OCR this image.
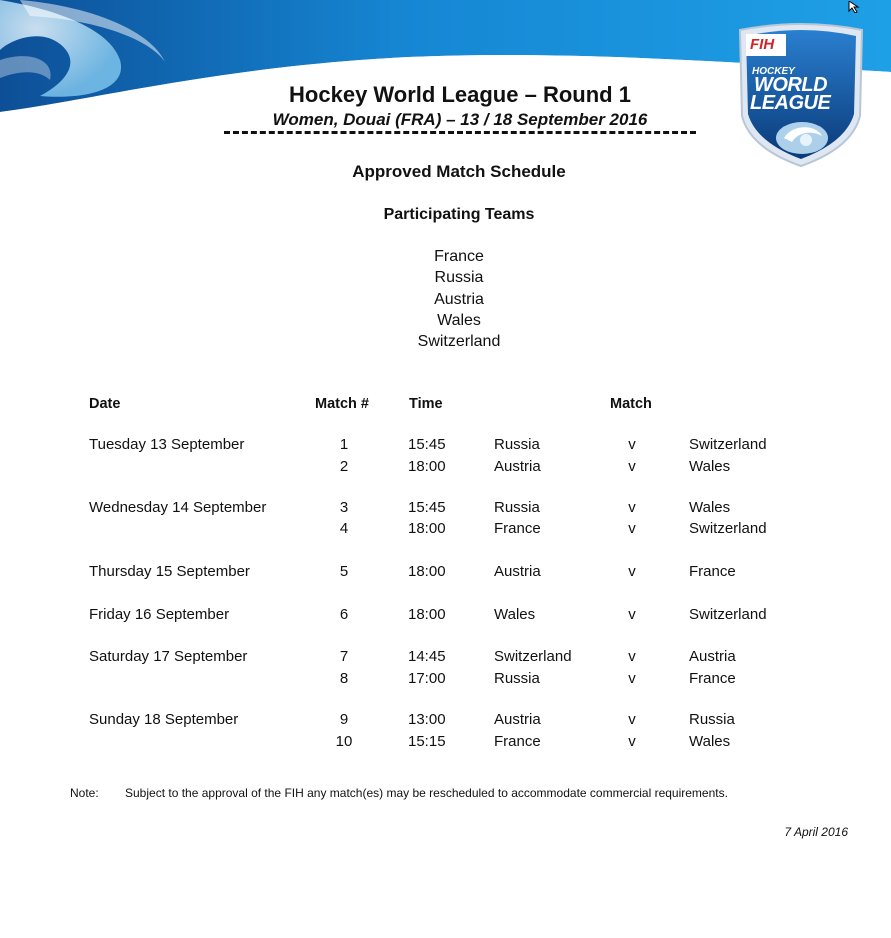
FIH
HOCKEY
WORLD
LEAGUE
Hockey World League – Round 1
Women, Douai (FRA) – 13 / 18 September 2016
Approved Match Schedule
Participating Teams
France
Russia
Austria
Wales
Switzerland
Date	Match #	Time	Match
Tuesday 13 September	1	15:45	Russia	v	Switzerland
2	18:00	Austria	v	Wales
Wednesday 14 September	3	15:45	Russia	v	Wales
4	18:00	France	v	Switzerland
Thursday 15 September	5	18:00	Austria	v	France
Friday 16 September	6	18:00	Wales	v	Switzerland
Saturday 17 September	7	14:45	Switzerland	v	Austria
8	17:00	Russia	v	France
Sunday 18 September	9	13:00	Austria	v	Russia
10	15:15	France	v	Wales
Note: Subject to the approval of the FIH any match(es) may be rescheduled to accommodate commercial requirements.
7 April 2016
